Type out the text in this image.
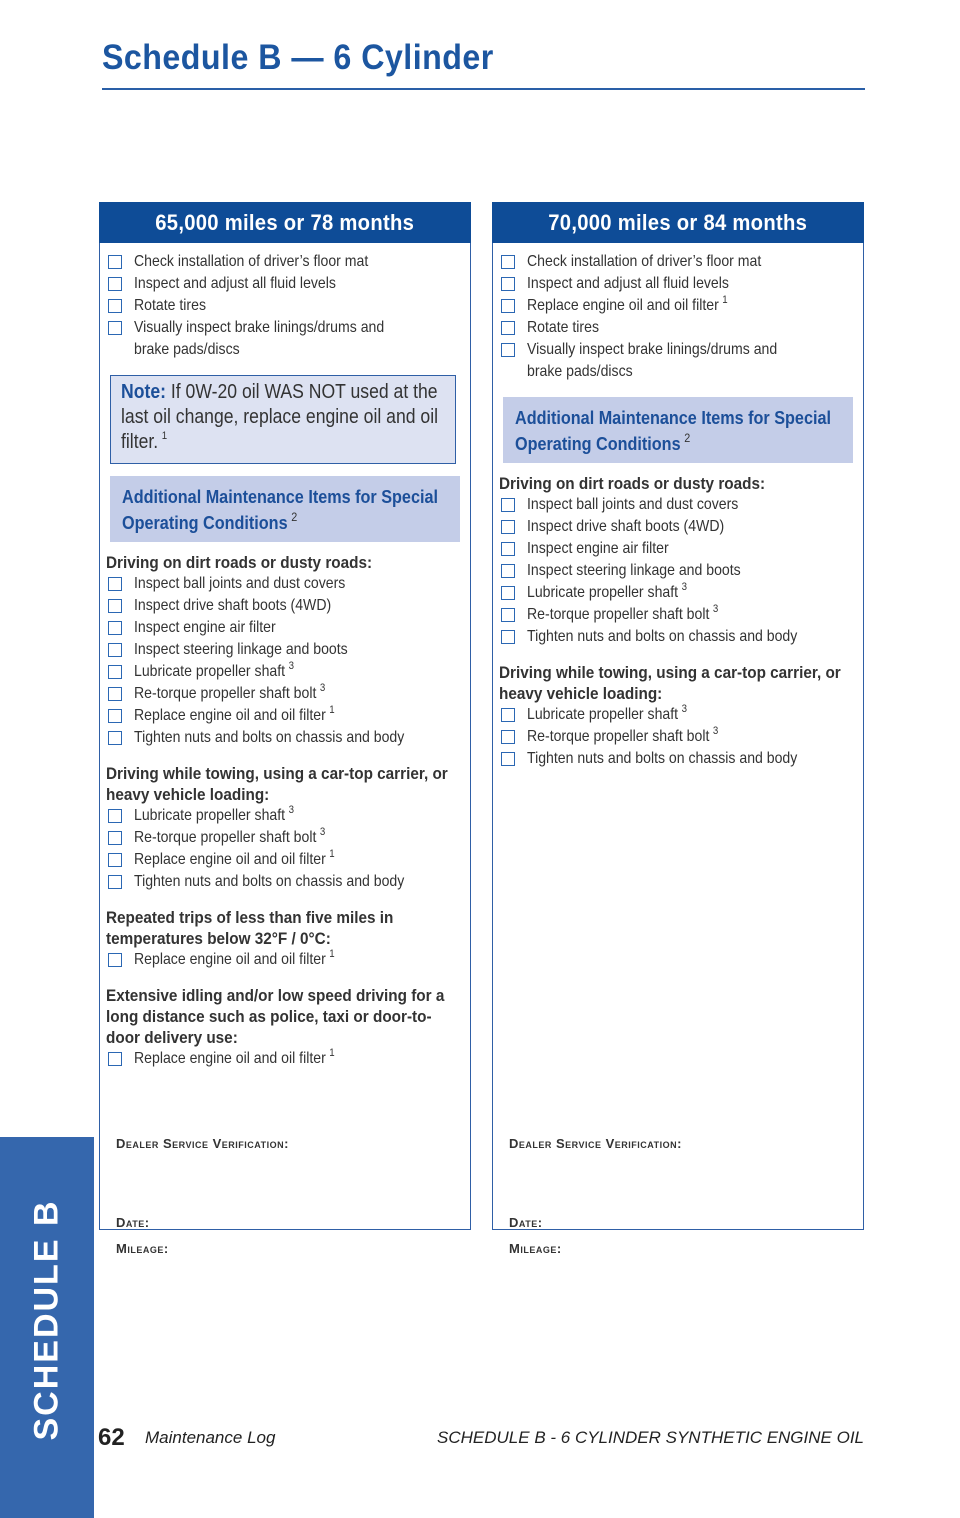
Schedule B — 6 Cylinder
65,000 miles or 78 months
Check installation of driver’s floor mat
Inspect and adjust all fluid levels
Rotate tires
Visually inspect brake linings/drums and brake pads/discs
Note: If 0W-20 oil WAS NOT used at the last oil change, replace engine oil and oil filter. $^1$
Additional Maintenance Items for Special Operating Conditions $^2$
Driving on dirt roads or dusty roads:
Inspect ball joints and dust covers
Inspect drive shaft boots (4WD)
Inspect engine air filter
Inspect steering linkage and boots
Lubricate propeller shaft $^3$
Re-torque propeller shaft bolt $^3$
Replace engine oil and oil filter $^1$
Tighten nuts and bolts on chassis and body
Driving while towing, using a car-top carrier, or heavy vehicle loading:
Lubricate propeller shaft $^3$
Re-torque propeller shaft bolt $^3$
Replace engine oil and oil filter $^1$
Tighten nuts and bolts on chassis and body
Repeated trips of less than five miles in temperatures below 32°F / 0°C:
Replace engine oil and oil filter $^1$
Extensive idling and/or low speed driving for a long distance such as police, taxi or door-to-door delivery use:
Replace engine oil and oil filter $^1$
Dealer Service Verification:
Date:
Mileage:
70,000 miles or 84 months
Check installation of driver’s floor mat
Inspect and adjust all fluid levels
Replace engine oil and oil filter $^1$
Rotate tires
Visually inspect brake linings/drums and brake pads/discs
Additional Maintenance Items for Special Operating Conditions $^2$
Driving on dirt roads or dusty roads:
Inspect ball joints and dust covers
Inspect drive shaft boots (4WD)
Inspect engine air filter
Inspect steering linkage and boots
Lubricate propeller shaft $^3$
Re-torque propeller shaft bolt $^3$
Tighten nuts and bolts on chassis and body
Driving while towing, using a car-top carrier, or heavy vehicle loading:
Lubricate propeller shaft $^3$
Re-torque propeller shaft bolt $^3$
Tighten nuts and bolts on chassis and body
Dealer Service Verification:
Date:
Mileage:
SCHEDULE B 62 Maintenance Log	SCHEDULE B - 6 CYLINDER SYNTHETIC ENGINE OIL
